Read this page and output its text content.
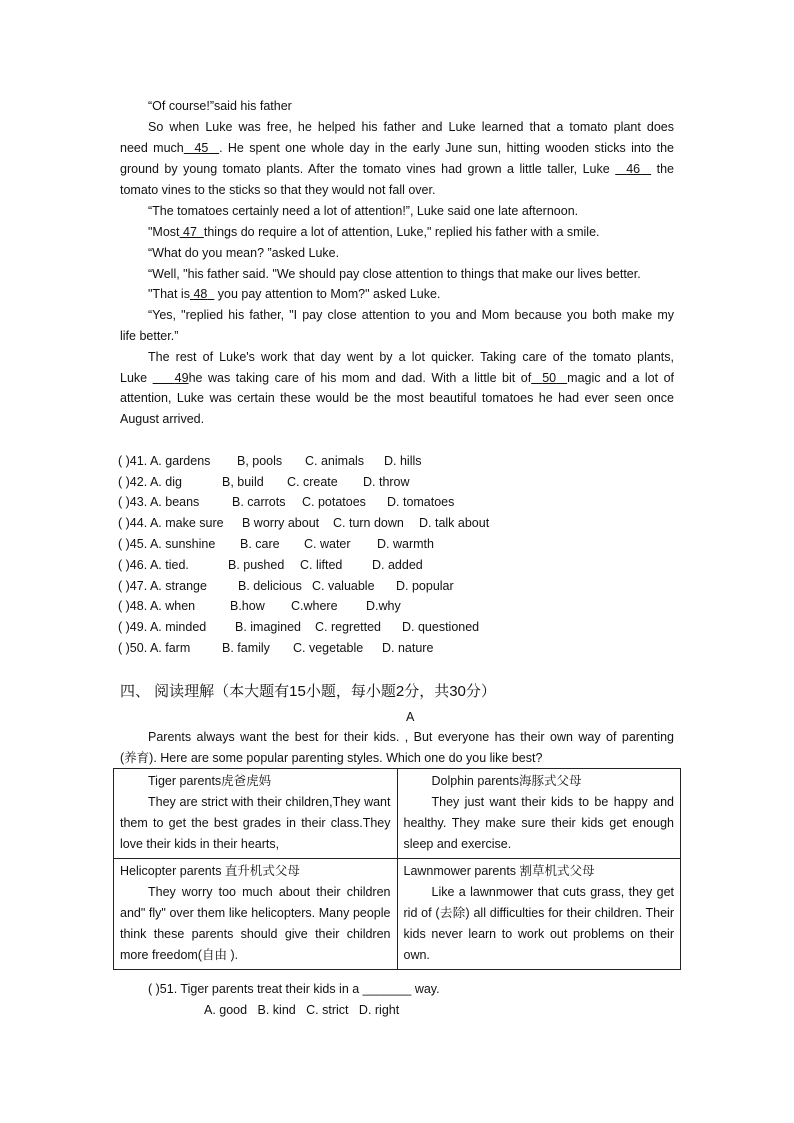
“Of course!”said his father
So when Luke was free, he helped his father and Luke learned that a tomato plant does
need much 45 . He spent one whole day in the early June sun, hitting wooden sticks into the
ground by young tomato plants. After the tomato vines had grown a little taller, Luke 46 the
tomato vines to the sticks so that they would not fall over.
“The tomatoes certainly need a lot of attention!”, Luke said one late afternoon.
"Most 47 things do require a lot of attention, Luke," replied his father with a smile.
“What do you mean? ”asked Luke.
“Well, "his father said. "We should pay close attention to things that make our lives better.
"That is 48 you pay attention to Mom?" asked Luke.
“Yes, "replied his father, "I pay close attention to you and Mom because you both make my
life better.”
The rest of Luke's work that day went by a lot quicker. Taking care of the tomato plants,
Luke 49he was taking care of his mom and dad. With a little bit of 50 magic and a lot of
attention, Luke was certain these would be the most beautiful tomatoes he had ever seen once
August arrived.
( )41. A. gardens B, pools C. animals D. hills
( )42. A. dig	B, build C. create D. throw
( )43. A. beans	B. carrots C. potatoes D. tomatoes
( )44. A. make sure B worry about C. turn down D. talk about
( )45. A. sunshine B. care C. water D. warmth
( )46. A. tied.	B. pushed C. lifted D. added
( )47. A. strange B. delicious C. valuable D. popular
( )48. A. when	B.how C.where D.why
( )49. A. minded B. imagined C. regretted D. questioned
( )50. A. farm	B. family C. vegetable D. nature
四、 阅读理解（本大题有15小题，每小题2分，共30分）
A
Parents always want the best for their kids. , But everyone has their own way of parenting
(养育). Here are some popular parenting styles. Which one do you like best?
Tiger parents虎爸虎妈
They are strict with their children,They want them to get the best grades in their class.They love their kids in their hearts,	Dolphin parents海豚式父母
They just want their kids to be happy and healthy. They make sure their kids get enough sleep and exercise.

Helicopter parents 直升机式父母
They worry too much about their children and" fly" over them like helicopters. Many people think these parents should give their children more freedom(自由 ).	Lawnmower parents 割草机式父母
Like a lawnmower that cuts grass, they get rid of (去除) all difficulties for their children. Their kids never learn to work out problems on their own.
( )51. Tiger parents treat their kids in a _______ way.
A. good   B. kind   C. strict   D. right
